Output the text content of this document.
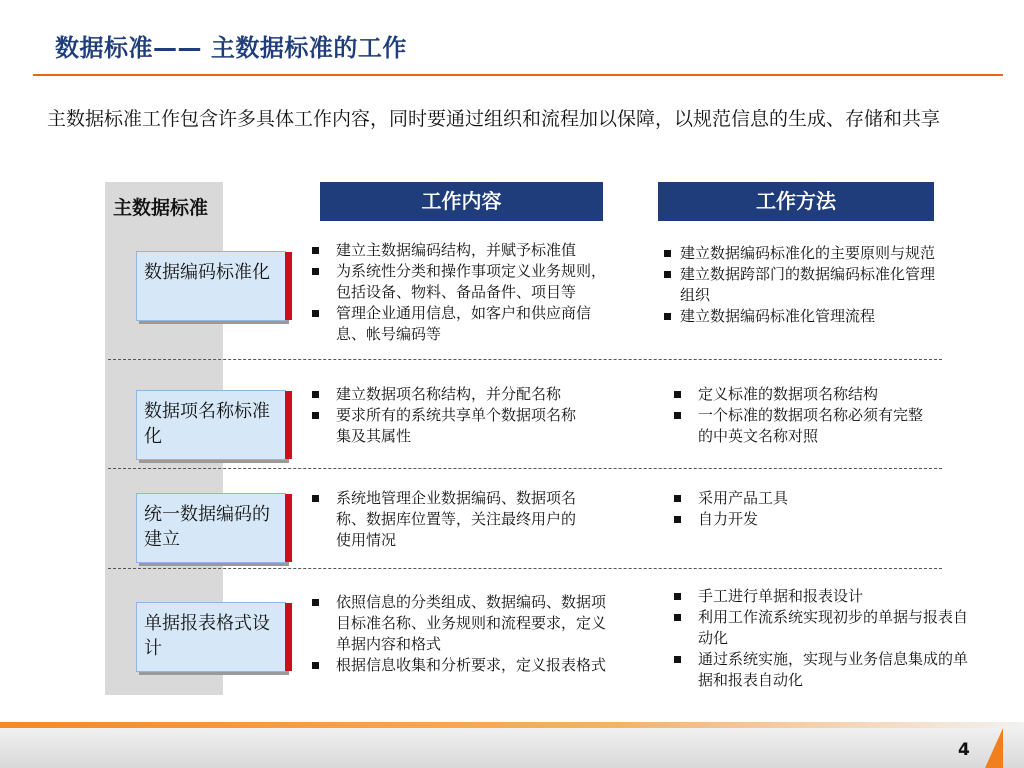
数据标准—— 主数据标准的工作
主数据标准工作包含许多具体工作内容，同时要通过组织和流程加以保障，以规范信息的生成、存储和共享
主数据标准	工作内容	工作方法
数据编码标准化
建立主数据编码结构，并赋予标准值
为系统性分类和操作事项定义业务规则，包括设备、物料、备品备件、项目等
管理企业通用信息，如客户和供应商信息、帐号编码等
建立数据编码标准化的主要原则与规范
建立数据跨部门的数据编码标准化管理组织
建立数据编码标准化管理流程
数据项名称标准化
建立数据项名称结构，并分配名称
要求所有的系统共享单个数据项名称集及其属性
定义标准的数据项名称结构
一个标准的数据项名称必须有完整的中英文名称对照
统一数据编码的建立
系统地管理企业数据编码、数据项名称、数据库位置等，关注最终用户的使用情况
采用产品工具
自力开发
单据报表格式设计
依照信息的分类组成、数据编码、数据项目标准名称、业务规则和流程要求，定义单据内容和格式
根据信息收集和分析要求，定义报表格式
手工进行单据和报表设计
利用工作流系统实现初步的单据与报表自动化
通过系统实施，实现与业务信息集成的单据和报表自动化
4
